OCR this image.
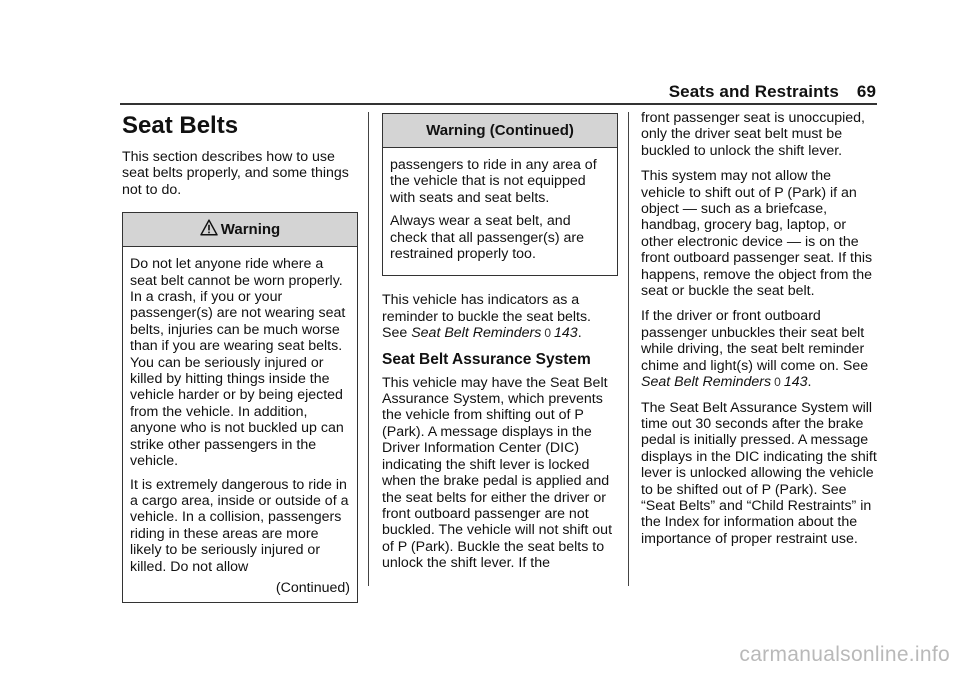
Seats and Restraints 69
Seat Belts

This section describes how to use seat belts properly, and some things not to do.

Warning

Do not let anyone ride where a seat belt cannot be worn properly. In a crash, if you or your passenger(s) are not wearing seat belts, injuries can be much worse than if you are wearing seat belts. You can be seriously injured or killed by hitting things inside the vehicle harder or by being ejected from the vehicle. In addition, anyone who is not buckled up can strike other passengers in the vehicle.

It is extremely dangerous to ride in a cargo area, inside or outside of a vehicle. In a collision, passengers riding in these areas are more likely to be seriously injured or killed. Do not allow

(Continued)
Warning (Continued)

passengers to ride in any area of the vehicle that is not equipped with seats and seat belts.

Always wear a seat belt, and check that all passenger(s) are restrained properly too.

This vehicle has indicators as a reminder to buckle the seat belts. See Seat Belt Reminders 0 143.

Seat Belt Assurance System

This vehicle may have the Seat Belt Assurance System, which prevents the vehicle from shifting out of P (Park). A message displays in the Driver Information Center (DIC) indicating the shift lever is locked when the brake pedal is applied and the seat belts for either the driver or front outboard passenger are not buckled. The vehicle will not shift out of P (Park). Buckle the seat belts to unlock the shift lever. If the

front passenger seat is unoccupied, only the driver seat belt must be buckled to unlock the shift lever.

This system may not allow the vehicle to shift out of P (Park) if an object — such as a briefcase, handbag, grocery bag, laptop, or other electronic device — is on the front outboard passenger seat. If this happens, remove the object from the seat or buckle the seat belt.

If the driver or front outboard passenger unbuckles their seat belt while driving, the seat belt reminder chime and light(s) will come on. See Seat Belt Reminders 0 143.

The Seat Belt Assurance System will time out 30 seconds after the brake pedal is initially pressed. A message displays in the DIC indicating the shift lever is unlocked allowing the vehicle to be shifted out of P (Park). See “Seat Belts” and “Child Restraints” in the Index for information about the importance of proper restraint use.

carmanualsonline.info
